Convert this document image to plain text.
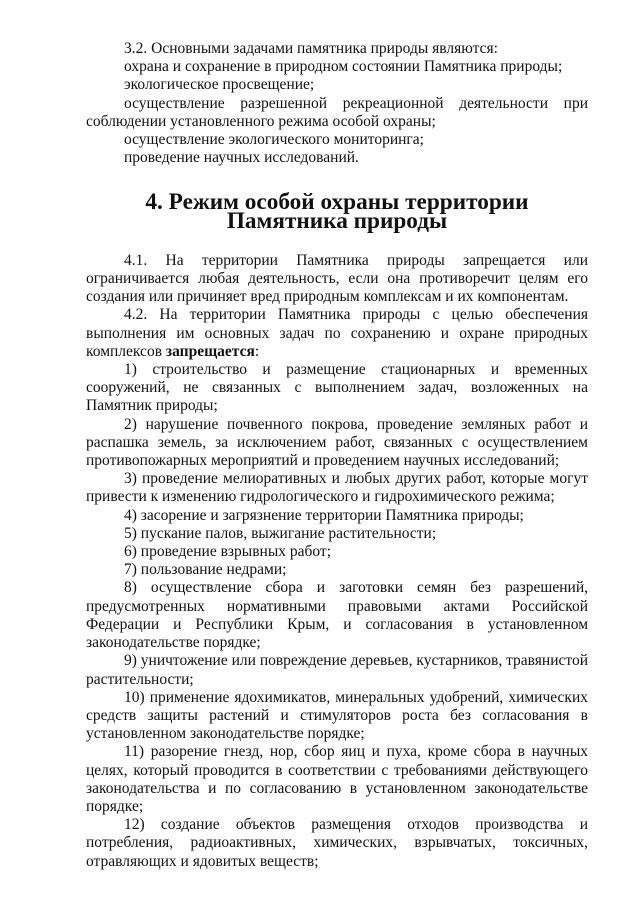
3.2. Основными задачами памятника природы являются:

охрана и сохранение в природном состоянии Памятника природы;

экологическое просвещение;

осуществление разрешенной рекреационной деятельности при соблюдении установленного режима особой охраны;

осуществление экологического мониторинга;

проведение научных исследований.

4. Режим особой охраны территории Памятника природы

4.1. На территории Памятника природы запрещается или ограничивается любая деятельность, если она противоречит целям его создания или причиняет вред природным комплексам и их компонентам.

4.2. На территории Памятника природы с целью обеспечения выполнения им основных задач по сохранению и охране природных комплексов запрещается:

1) строительство и размещение стационарных и временных сооружений, не связанных с выполнением задач, возложенных на Памятник природы;

2) нарушение почвенного покрова, проведение земляных работ и распашка земель, за исключением работ, связанных с осуществлением противопожарных мероприятий и проведением научных исследований;

3) проведение мелиоративных и любых других работ, которые могут привести к изменению гидрологического и гидрохимического режима;

4) засорение и загрязнение территории Памятника природы;

5) пускание палов, выжигание растительности;

6) проведение взрывных работ;

7) пользование недрами;

8) осуществление сбора и заготовки семян без разрешений, предусмотренных нормативными правовыми актами Российской Федерации и Республики Крым, и согласования в установленном законодательстве порядке;

9) уничтожение или повреждение деревьев, кустарников, травянистой растительности;

10) применение ядохимикатов, минеральных удобрений, химических средств защиты растений и стимуляторов роста без согласования в установленном законодательстве порядке;

11) разорение гнезд, нор, сбор яиц и пуха, кроме сбора в научных целях, который проводится в соответствии с требованиями действующего законодательства и по согласованию в установленном законодательстве порядке;

12) создание объектов размещения отходов производства и потребления, радиоактивных, химических, взрывчатых, токсичных, отравляющих и ядовитых веществ;
